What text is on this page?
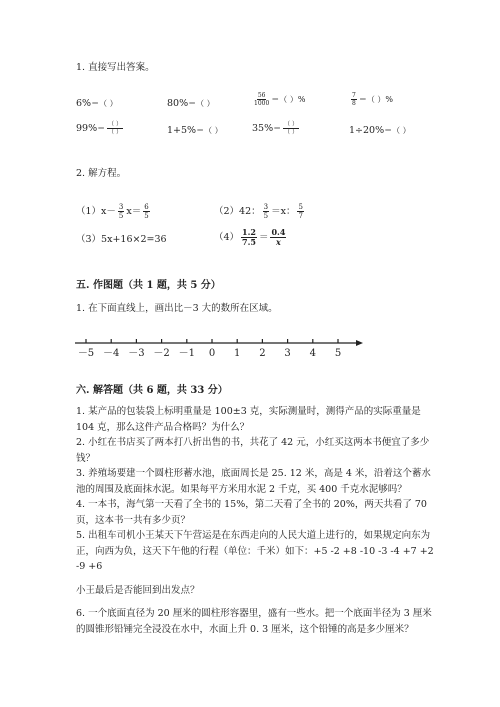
1. 直接写出答案。
6%＝（ ）	80%＝（ ）	$\frac{56}{1000}$ ＝（ ）%	$\frac{7}{8}$ ＝（ ）%
$99\% = \frac{( )}{( )}$	1+5%＝（ ）	$35\% = \frac{( )}{( )}$	1÷20%＝（ ）
2. 解方程。
$(1)x- \frac{3}{5} x= \frac{6}{5}$	（2）42： $\frac{3}{5} =x$： $\frac{5}{7}$
（3）5x+16×2=36	$(4) \frac{1.2}{7.5} = \frac{0.4}{x}$
五. 作图题（共 1 题，共 5 分）
1. 在下面直线上，画出比－3 大的数所在区域。
－5 －4 －3 －2 －1 0 1 2 3 4 5
六. 解答题（共 6 题，共 33 分）

1. 某产品的包装袋上标明重量是 100±3 克，实际测量时，测得产品的实际重量是 104 克，那么这件产品合格吗？为什么？

2. 小红在书店买了两本打八折出售的书，共花了 42 元，小红买这两本书便宜了多少钱？

3. 养殖场要建一个圆柱形蓄水池，底面周长是 25. 12 米，高是 4 米，沿着这个蓄水池的周围及底面抹水泥。如果每平方米用水泥 2 千克，买 400 千克水泥够吗？

4. 一本书，海气第一天看了全书的 15%，第二天看了全书的 20%，两天共看了 70 页，这本书一共有多少页？

5. 出租车司机小王某天下午营运是在东西走向的人民大道上进行的，如果规定向东为正，向西为负，这天下午他的行程（单位：千米）如下：+5 -2 +8 -10 -3 -4 +7 +2 -9 +6

小王最后是否能回到出发点？

6. 一个底面直径为 20 厘米的圆柱形容器里，盛有一些水。把一个底面半径为 3 厘米的圆锥形铅锤完全浸没在水中，水面上升 0. 3 厘米，这个铅锤的高是多少厘米？
